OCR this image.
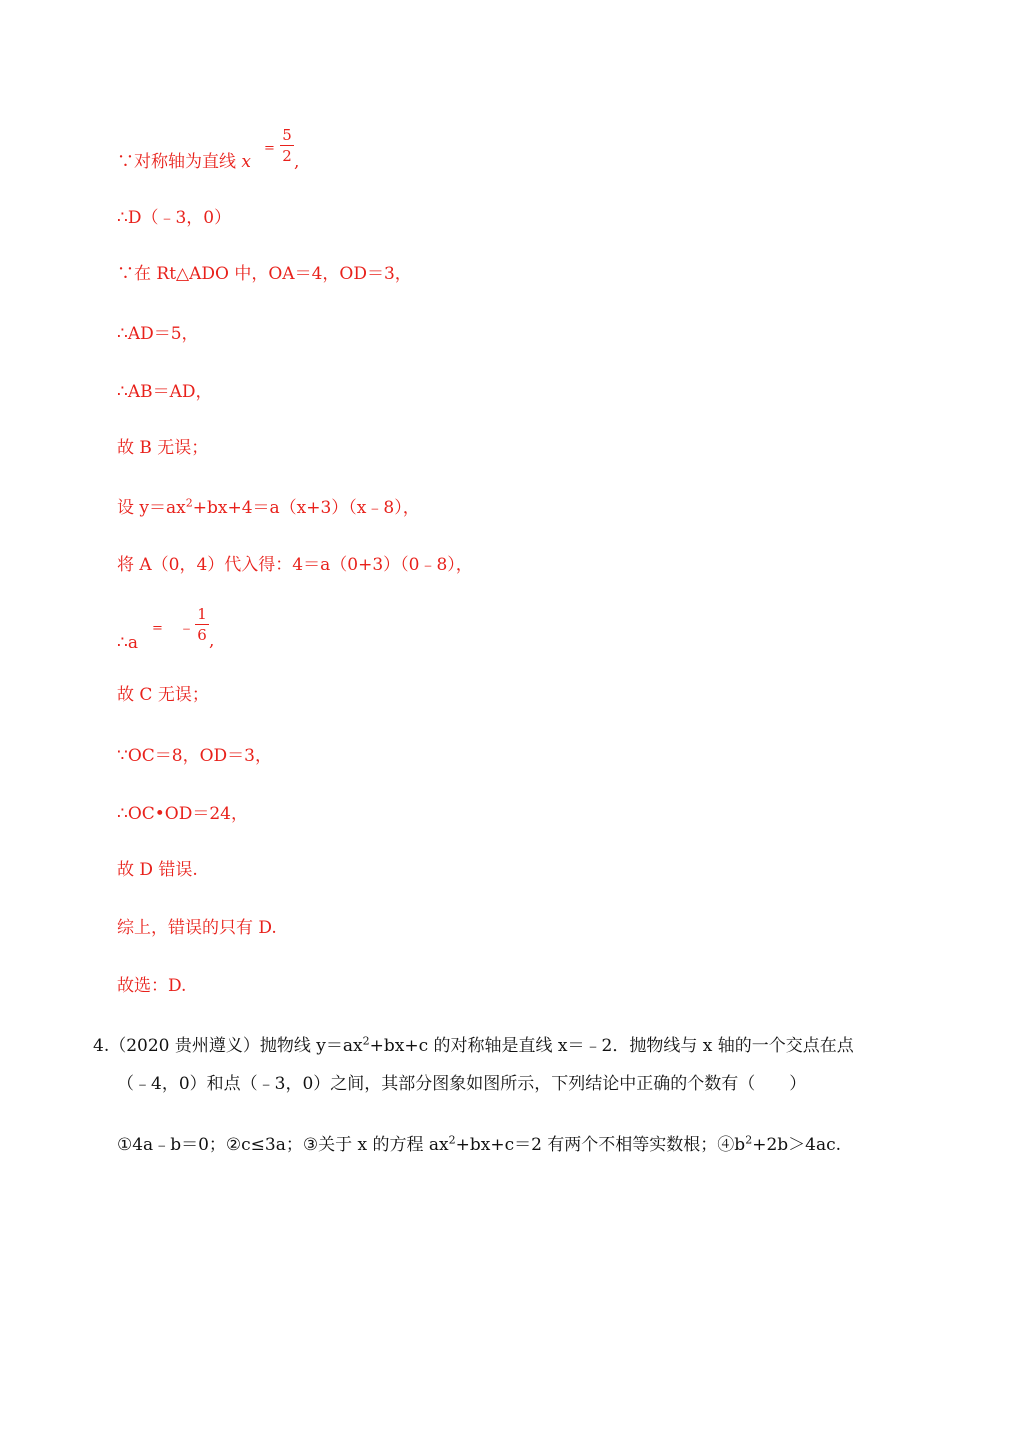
∵对称轴为直线 x
=
5
2 ,
∴D（﹣3，0）
∵在 Rt△ADO 中，OA＝4，OD＝3，
∴AD＝5，
∴AB＝AD，
故 B 无误；
设 $y=ax^2+bx+4=a(x+3)(x﹣8)$，
将 A（0，4）代入得：4＝a（0+3）（0﹣8），
∴a
= ﹣
1
6 ,
故 C 无误；
∵OC＝8，OD＝3，
∴OC•OD＝24，
故 D 错误.
综上，错误的只有 D.
故选：D.
4.（2020 贵州遵义）抛物线 $y=ax^2+bx+c$ 的对称轴是直线 x＝﹣2．抛物线与 x 轴的一个交点在点
（﹣4，0）和点（﹣3，0）之间，其部分图象如图所示，下列结论中正确的个数有（　　）
①4a﹣b＝0；②c≤3a；③关于 x 的方程 $ax^2+bx+c=2$ 有两个不相等实数根；$④b^2+2b>4ac$.
